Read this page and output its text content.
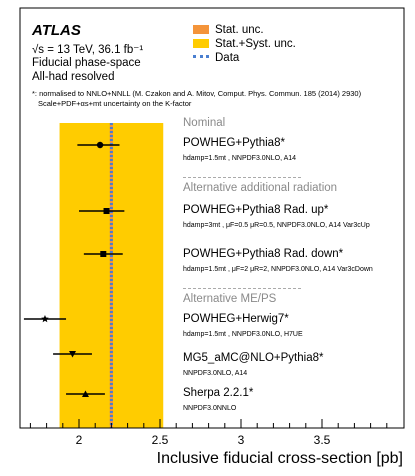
2	2.5	3	3.5
ATLAS
√s = 13 TeV, 36.1 fb⁻¹
Fiducial phase-space
All-had resolved
Stat. unc.
Stat.+Syst. unc.
Data
*: normalised to NNLO+NNLL (M. Czakon and A. Mitov, Comput. Phys. Commun. 185 (2014) 2930)
Scale+PDF+αs+mt uncertainty on the K-factor
Nominal
Alternative additional radiation
Alternative ME/PS
POWHEG+Pythia8*
hdamp=1.5mt , NNPDF3.0NLO, A14
POWHEG+Pythia8 Rad. up*
hdamp=3mt , μF=0.5 μR=0.5, NNPDF3.0NLO, A14 Var3cUp
POWHEG+Pythia8 Rad. down*
hdamp=1.5mt , μF=2 μR=2, NNPDF3.0NLO, A14 Var3cDown
POWHEG+Herwig7*
hdamp=1.5mt , NNPDF3.0NLO, H7UE
MG5_aMC@NLO+Pythia8*
NNPDF3.0NLO, A14
Sherpa 2.2.1*
NNPDF3.0NNLO
Inclusive fiducial cross-section [pb]
